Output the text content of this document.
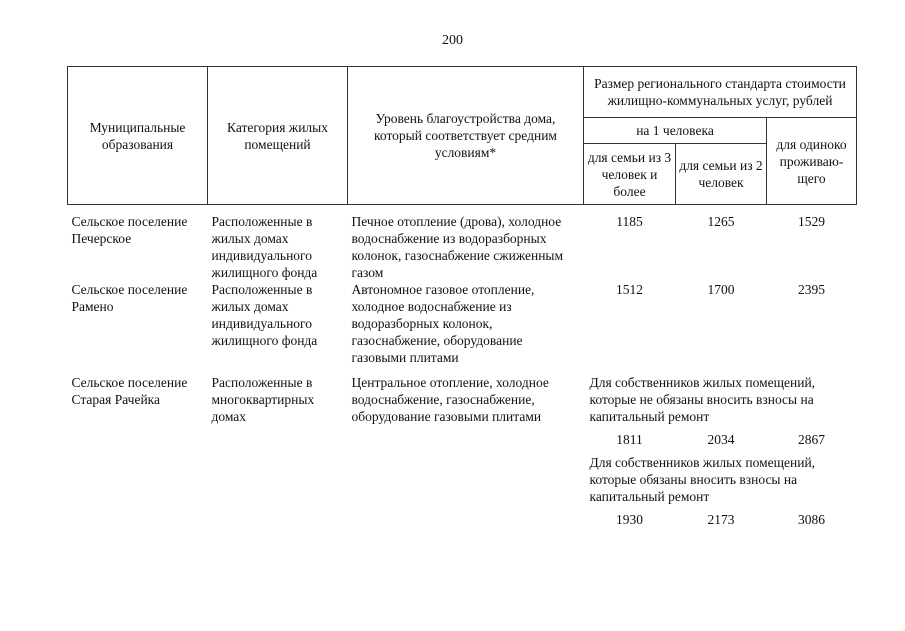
200
Муниципальные образования	Категория жилых помещений	Уровень благоустройства дома, который соответствует средним условиям*	Размер регионального стандарта стоимости жилищно-коммунальных услуг, рублей		
			на 1 человека		для одиноко проживаю-щего
			для семьи из 3 человек и более	для семьи из 2 человек	

Сельское поселение Печерское	Расположенные в жилых домах индивидуального жилищного фонда	Печное отопление (дрова), холодное водоснабжение из водоразборных колонок, газоснабжение сжиженным газом	1185	1265	1529
Сельское поселение Рамено	Расположенные в жилых домах индивидуального жилищного фонда	Автономное газовое отопление, холодное водоснабжение из водоразборных колонок, газоснабжение, оборудование газовыми плитами	1512	1700	2395

Сельское поселение Старая Рачейка	Расположенные в многоквартирных домах	Центральное отопление, холодное водоснабжение, газоснабжение, оборудование газовыми плитами	Для собственников жилых помещений, которые не обязаны вносить взносы на капитальный ремонт		
			1811	2034	2867
			Для собственников жилых помещений, которые обязаны вносить взносы на капитальный ремонт		
			1930	2173	3086
